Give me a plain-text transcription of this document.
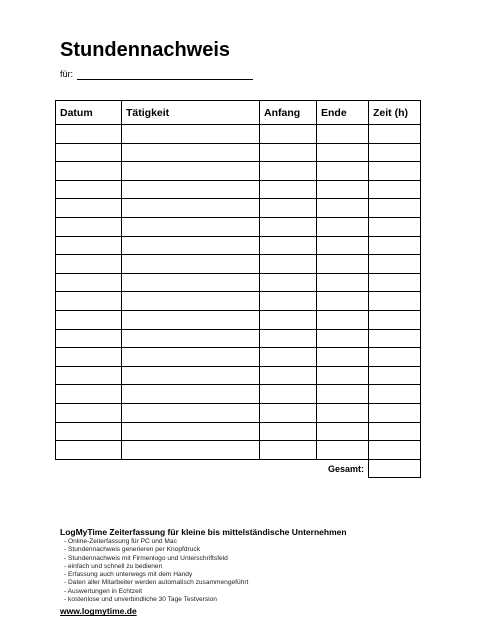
Stundennachweis
für:
Datum	Tätigkeit	Anfang	Ende	Zeit (h)

			Gesamt:	
LogMyTime Zeiterfassung für kleine bis mittelständische Unternehmen
- Online-Zeiterfassung für PC und Mac
- Stundennachweis generieren per Knopfdruck
- Stundennachweis mit Firmenlogo und Unterschriftsfeld
- einfach und schnell zu bedienen
- Erfassung auch unterwegs mit dem Handy
- Daten aller Mitarbeiter werden automatisch zusammengeführt
- Auswertungen in Echtzeit
- kostenlose und unverbindliche 30 Tage Testversion
www.logmytime.de
